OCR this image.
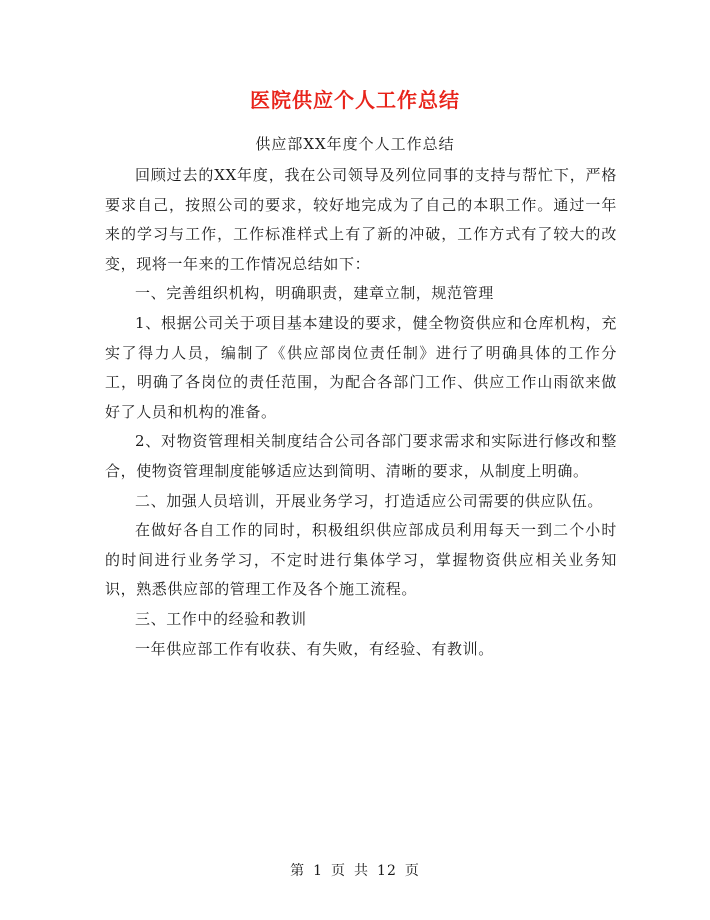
医院供应个人工作总结
供应部XX年度个人工作总结

回顾过去的XX年度，我在公司领导及列位同事的支持与帮忙下，严格要求自己，按照公司的要求，较好地完成为了自己的本职工作。通过一年来的学习与工作，工作标准样式上有了新的冲破，工作方式有了较大的改变，现将一年来的工作情况总结如下：

一、完善组织机构，明确职责，建章立制，规范管理

1、根据公司关于项目基本建设的要求，健全物资供应和仓库机构，充实了得力人员，编制了《供应部岗位责任制》进行了明确具体的工作分工，明确了各岗位的责任范围，为配合各部门工作、供应工作山雨欲来做好了人员和机构的准备。

2、对物资管理相关制度结合公司各部门要求需求和实际进行修改和整合，使物资管理制度能够适应达到简明、清晰的要求，从制度上明确。

二、加强人员培训，开展业务学习，打造适应公司需要的供应队伍。

在做好各自工作的同时，积极组织供应部成员利用每天一到二个小时的时间进行业务学习，不定时进行集体学习，掌握物资供应相关业务知识，熟悉供应部的管理工作及各个施工流程。

三、工作中的经验和教训

一年供应部工作有收获、有失败，有经验、有教训。

第 1 页 共 12 页
